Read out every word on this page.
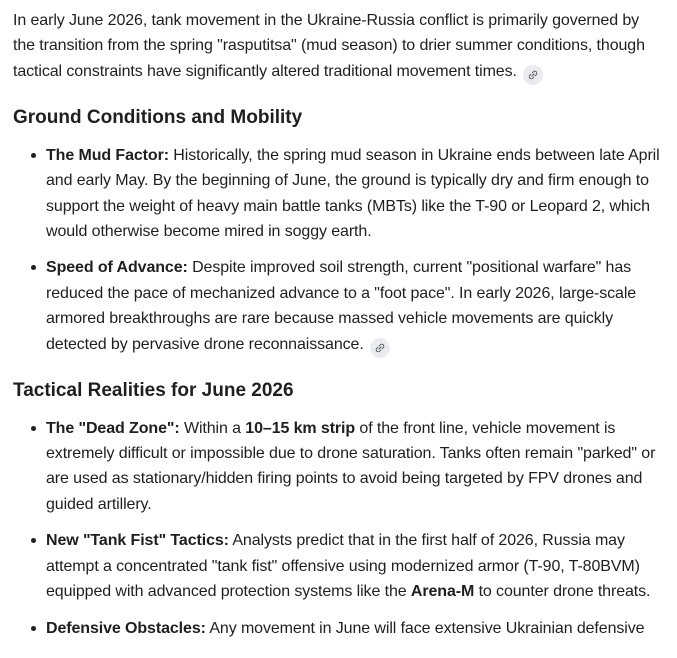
In early June 2026, tank movement in the Ukraine-Russia conflict is primarily governed by the transition from the spring "rasputitsa" (mud season) to drier summer conditions, though tactical constraints have significantly altered traditional movement times.

Ground Conditions and Mobility
The Mud Factor: Historically, the spring mud season in Ukraine ends between late April and early May. By the beginning of June, the ground is typically dry and firm enough to support the weight of heavy main battle tanks (MBTs) like the T-90 or Leopard 2, which would otherwise become mired in soggy earth.
Speed of Advance: Despite improved soil strength, current "positional warfare" has reduced the pace of mechanized advance to a "foot pace". In early 2026, large-scale armored breakthroughs are rare because massed vehicle movements are quickly detected by pervasive drone reconnaissance.
Tactical Realities for June 2026
The "Dead Zone": Within a 10–15 km strip of the front line, vehicle movement is extremely difficult or impossible due to drone saturation. Tanks often remain "parked" or are used as stationary/hidden firing points to avoid being targeted by FPV drones and guided artillery.
New "Tank Fist" Tactics: Analysts predict that in the first half of 2026, Russia may attempt a concentrated "tank fist" offensive using modernized armor (T-90, T-80BVM) equipped with advanced protection systems like the Arena-M to counter drone threats.
Defensive Obstacles: Any movement in June will face extensive Ukrainian defensive
